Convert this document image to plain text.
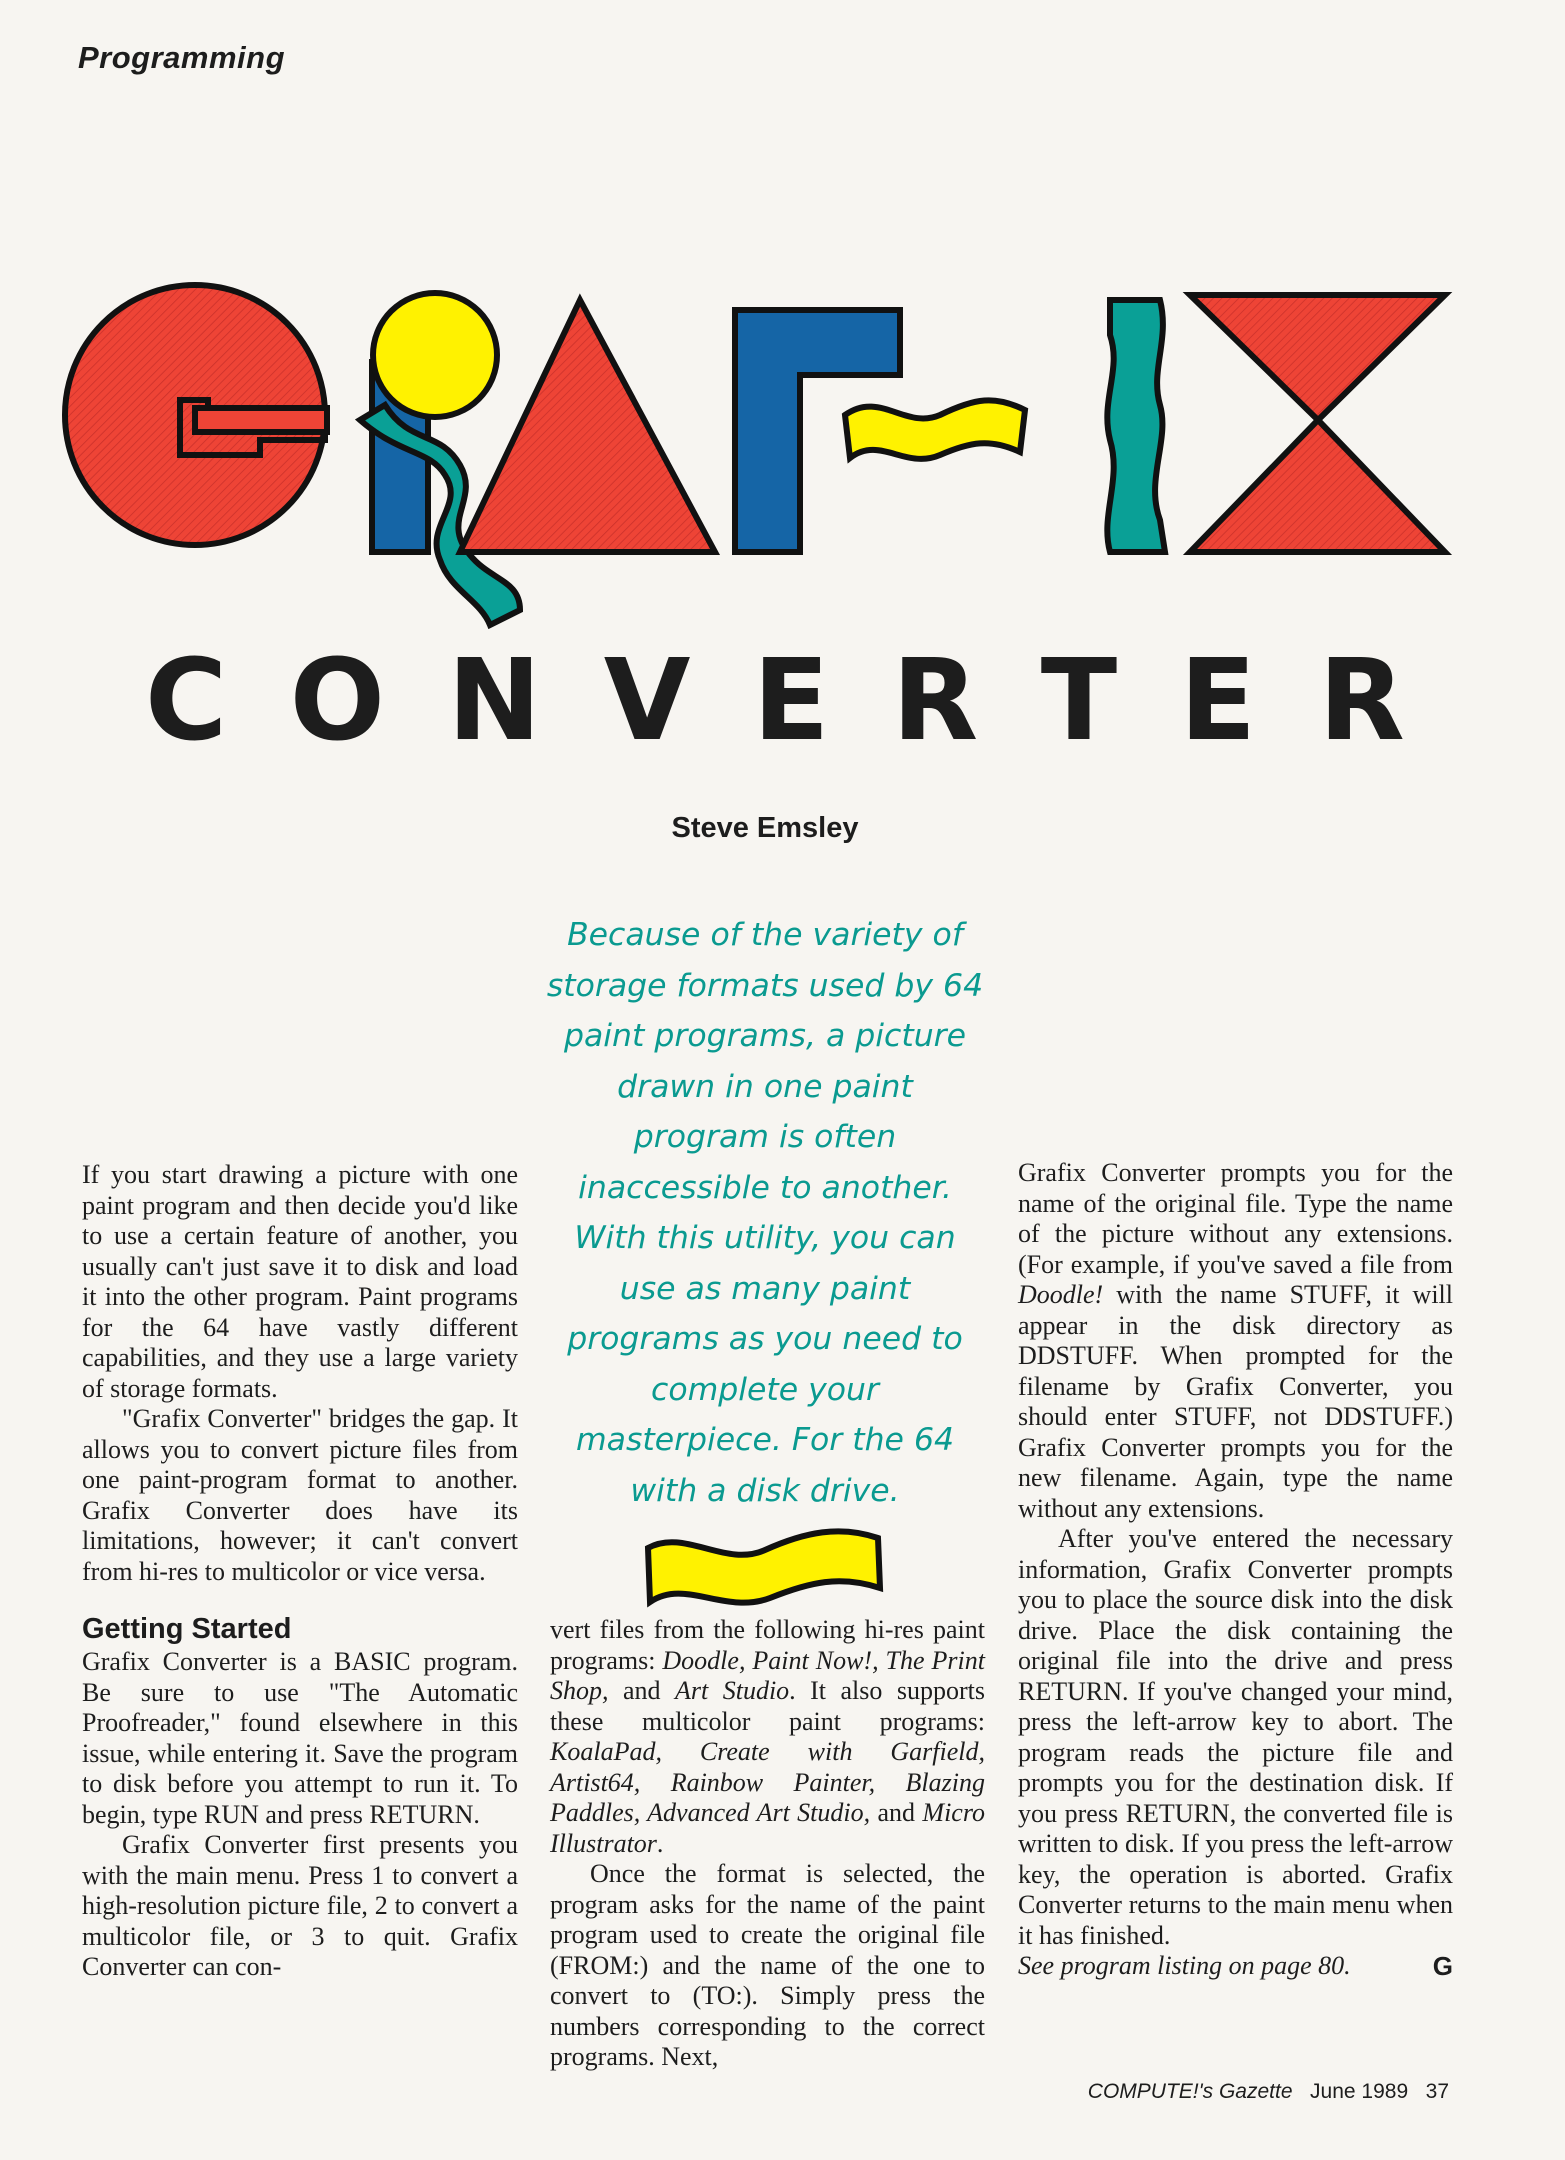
Programming
C O N V E R T E R
Steve Emsley
Because of the variety of storage formats used by 64 paint programs, a picture drawn in one paint program is often inaccessible to another. With this utility, you can use as many paint programs as you need to complete your masterpiece. For the 64 with a disk drive.

If you start drawing a picture with one paint program and then decide you'd like to use a certain feature of another, you usually can't just save it to disk and load it into the other program. Paint programs for the 64 have vastly different capabilities, and they use a large variety of storage formats.

"Grafix Converter" bridges the gap. It allows you to convert picture files from one paint-program format to another. Grafix Converter does have its limitations, however; it can't convert from hi-res to multicolor or vice versa.

Getting Started

Grafix Converter is a BASIC program. Be sure to use "The Automatic Proofreader," found elsewhere in this issue, while entering it. Save the program to disk before you attempt to run it. To begin, type RUN and press RETURN.

Grafix Converter first presents you with the main menu. Press 1 to convert a high-resolution picture file, 2 to convert a multicolor file, or 3 to quit. Grafix Converter can con-

vert files from the following hi-res paint programs: Doodle, Paint Now!, The Print Shop, and Art Studio. It also supports these multicolor paint programs: KoalaPad, Create with Garfield, Artist64, Rainbow Painter, Blazing Paddles, Advanced Art Studio, and Micro Illustrator.

Once the format is selected, the program asks for the name of the paint program used to create the original file (FROM:) and the name of the one to convert to (TO:). Simply press the numbers corresponding to the correct programs. Next,

Grafix Converter prompts you for the name of the original file. Type the name of the picture without any extensions. (For example, if you've saved a file from Doodle! with the name STUFF, it will appear in the disk directory as DDSTUFF. When prompted for the filename by Grafix Converter, you should enter STUFF, not DDSTUFF.) Grafix Converter prompts you for the new filename. Again, type the name without any extensions.

After you've entered the necessary information, Grafix Converter prompts you to place the source disk into the disk drive. Place the disk containing the original file into the drive and press RETURN. If you've changed your mind, press the left-arrow key to abort. The program reads the picture file and prompts you for the destination disk. If you press RETURN, the converted file is written to disk. If you press the left-arrow key, the operation is aborted. Grafix Converter returns to the main menu when it has finished.

See program listing on page 80.	G
COMPUTE!'s Gazette June 1989 37
